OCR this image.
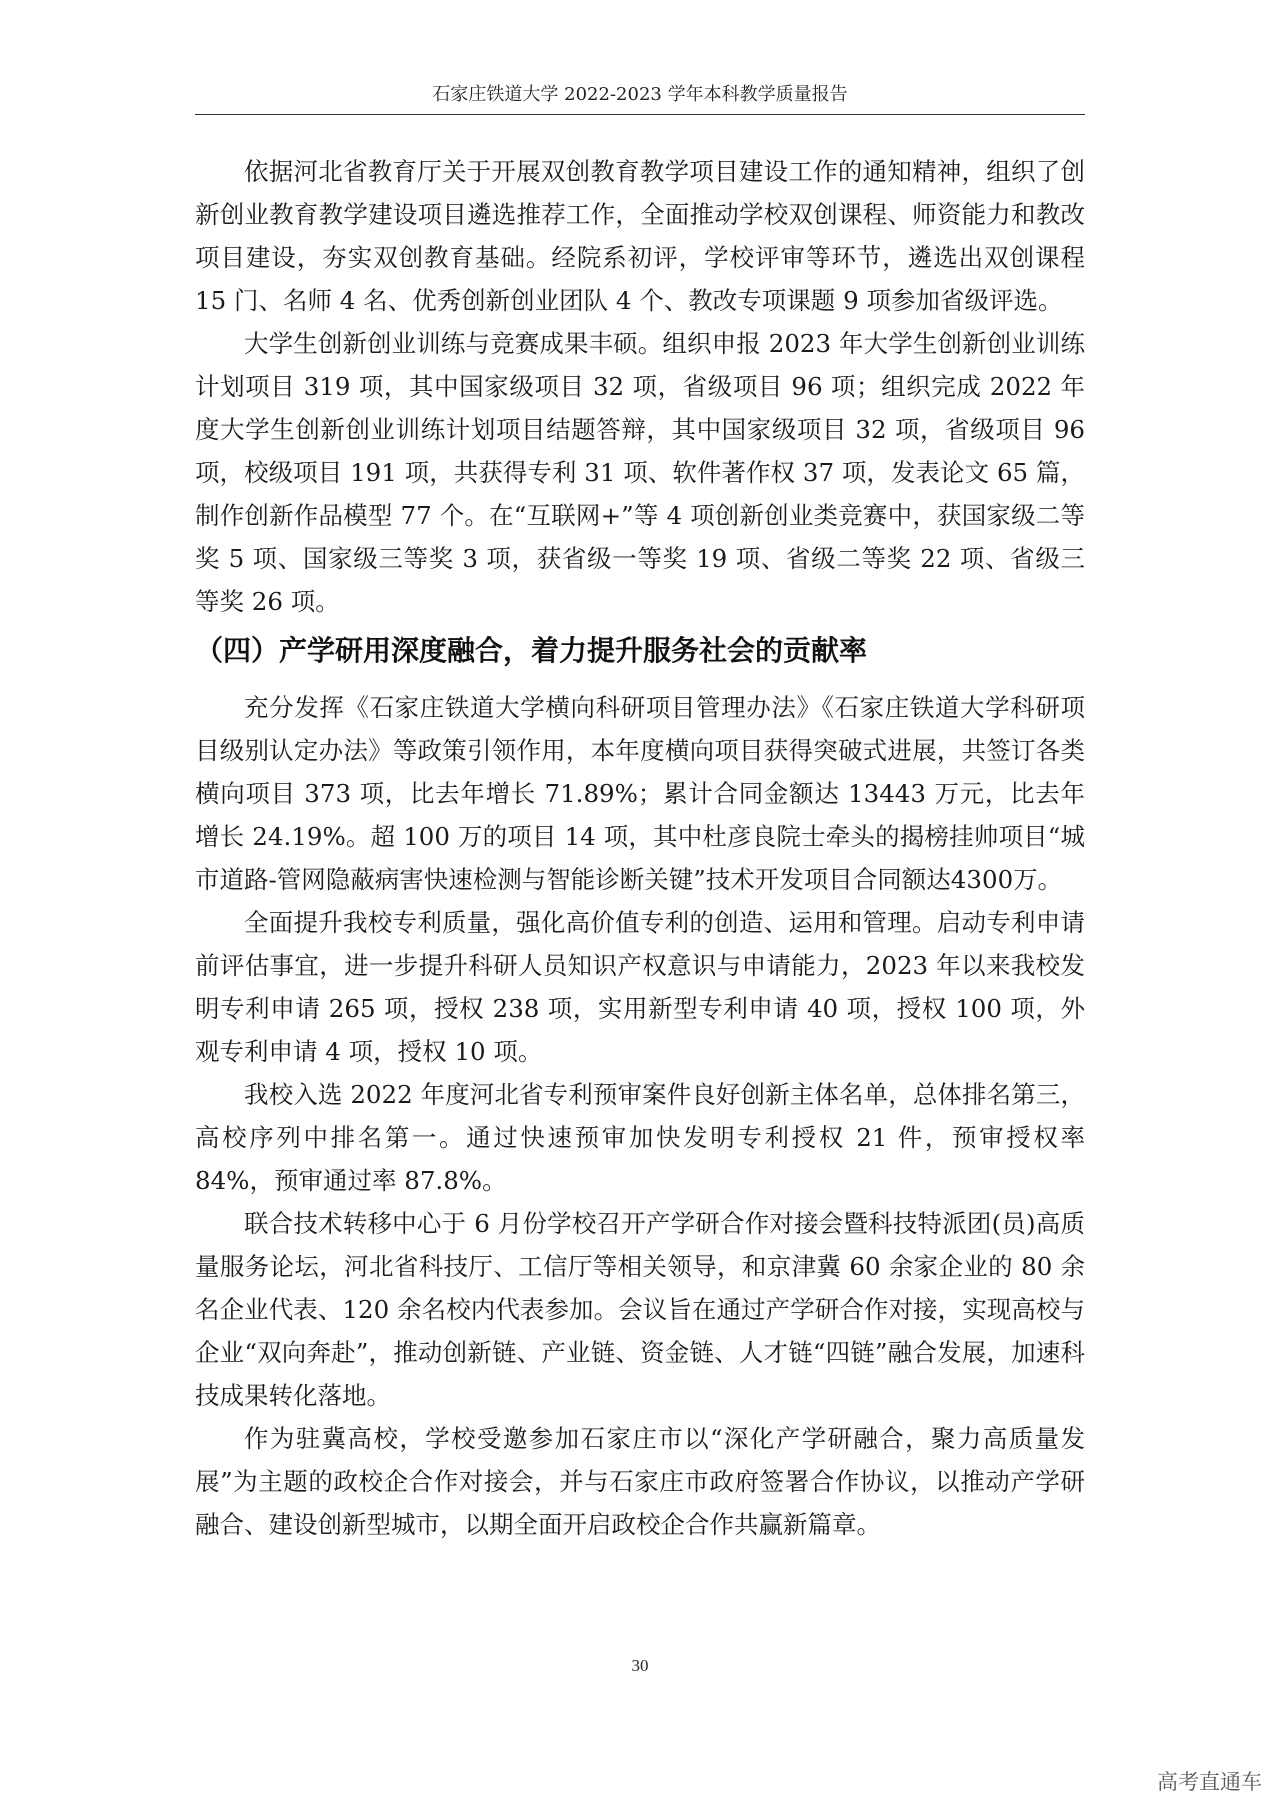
石家庄铁道大学 2022-2023 学年本科教学质量报告

依据河北省教育厅关于开展双创教育教学项目建设工作的通知精神，组织了创新创业教育教学建设项目遴选推荐工作，全面推动学校双创课程、师资能力和教改项目建设，夯实双创教育基础。经院系初评，学校评审等环节，遴选出双创课程 15 门、名师 4 名、优秀创新创业团队 4 个、教改专项课题 9 项参加省级评选。

大学生创新创业训练与竞赛成果丰硕。组织申报 2023 年大学生创新创业训练计划项目 319 项，其中国家级项目 32 项，省级项目 96 项；组织完成 2022 年度大学生创新创业训练计划项目结题答辩，其中国家级项目 32 项，省级项目 96 项，校级项目 191 项，共获得专利 31 项、软件著作权 37 项，发表论文 65 篇，制作创新作品模型 77 个。在“互联网+”等 4 项创新创业类竞赛中，获国家级二等奖 5 项、国家级三等奖 3 项，获省级一等奖 19 项、省级二等奖 22 项、省级三等奖 26 项。

（四）产学研用深度融合，着力提升服务社会的贡献率

充分发挥《石家庄铁道大学横向科研项目管理办法》《石家庄铁道大学科研项目级别认定办法》等政策引领作用，本年度横向项目获得突破式进展，共签订各类横向项目 373 项，比去年增长 71.89%；累计合同金额达 13443 万元，比去年增长 24.19%。超 100 万的项目 14 项，其中杜彦良院士牵头的揭榜挂帅项目“城市道路-管网隐蔽病害快速检测与智能诊断关键”技术开发项目合同额达4300万。

全面提升我校专利质量，强化高价值专利的创造、运用和管理。启动专利申请前评估事宜，进一步提升科研人员知识产权意识与申请能力，2023 年以来我校发明专利申请 265 项，授权 238 项，实用新型专利申请 40 项，授权 100 项，外观专利申请 4 项，授权 10 项。

我校入选 2022 年度河北省专利预审案件良好创新主体名单，总体排名第三，高校序列中排名第一。通过快速预审加快发明专利授权 21 件，预审授权率 84%，预审通过率 87.8%。

联合技术转移中心于 6 月份学校召开产学研合作对接会暨科技特派团(员)高质量服务论坛，河北省科技厅、工信厅等相关领导，和京津冀 60 余家企业的 80 余名企业代表、120 余名校内代表参加。会议旨在通过产学研合作对接，实现高校与企业“双向奔赴”，推动创新链、产业链、资金链、人才链“四链”融合发展，加速科技成果转化落地。

作为驻冀高校，学校受邀参加石家庄市以“深化产学研融合，聚力高质量发展”为主题的政校企合作对接会，并与石家庄市政府签署合作协议，以推动产学研融合、建设创新型城市，以期全面开启政校企合作共赢新篇章。

30
高考直通车
